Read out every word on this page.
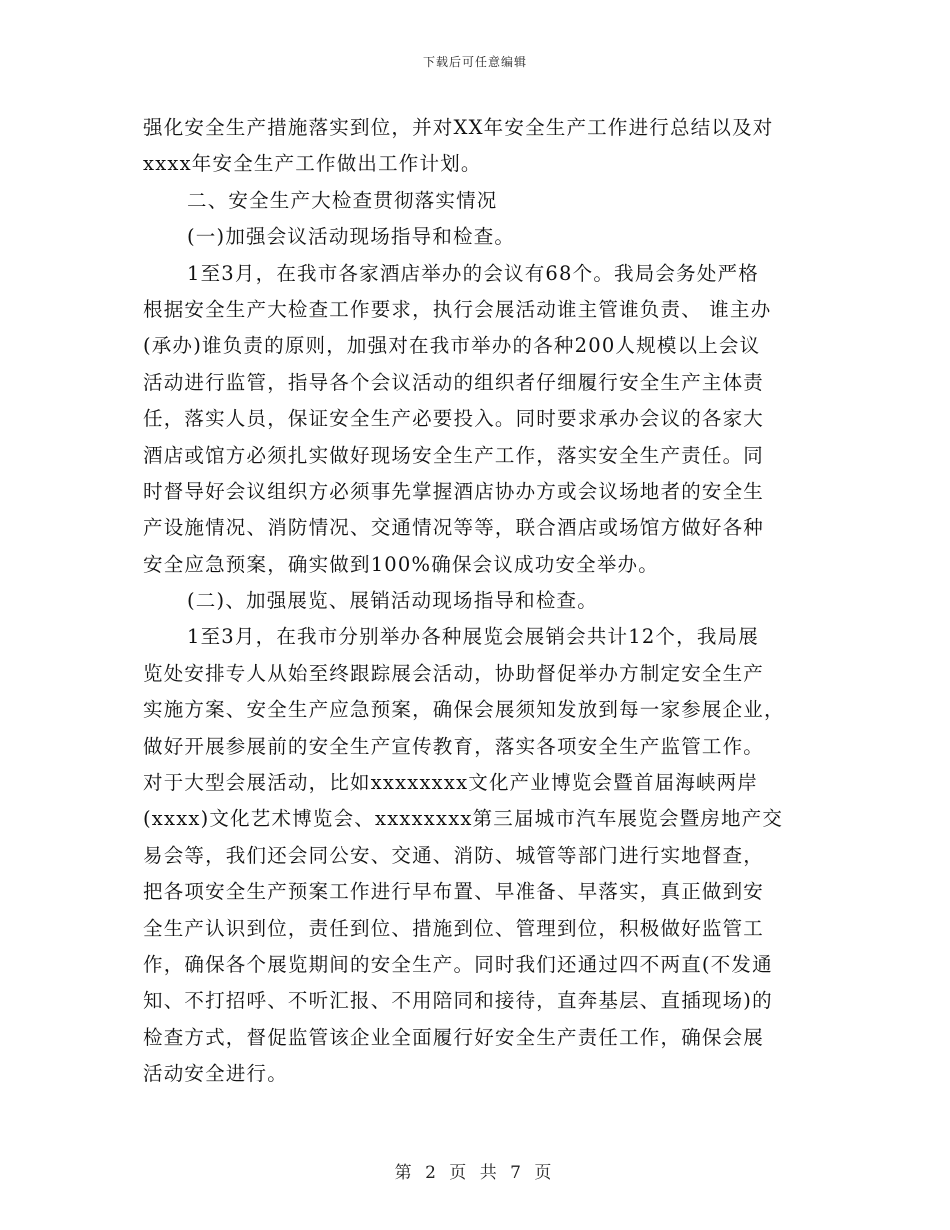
下载后可任意编辑
强化安全生产措施落实到位，并对XX年安全生产工作进行总结以及对
xxxx年安全生产工作做出工作计划。
二、安全生产大检查贯彻落实情况
(一)加强会议活动现场指导和检查。
1至3月，在我市各家酒店举办的会议有68个。我局会务处严格
根据安全生产大检查工作要求，执行会展活动谁主管谁负责、 谁主办
(承办)谁负责的原则，加强对在我市举办的各种200人规模以上会议
活动进行监管，指导各个会议活动的组织者仔细履行安全生产主体责
任，落实人员，保证安全生产必要投入。同时要求承办会议的各家大
酒店或馆方必须扎实做好现场安全生产工作，落实安全生产责任。同
时督导好会议组织方必须事先掌握酒店协办方或会议场地者的安全生
产设施情况、消防情况、交通情况等等，联合酒店或场馆方做好各种
安全应急预案，确实做到100%确保会议成功安全举办。
(二)、加强展览、展销活动现场指导和检查。
1至3月，在我市分别举办各种展览会展销会共计12个，我局展
览处安排专人从始至终跟踪展会活动，协助督促举办方制定安全生产
实施方案、安全生产应急预案，确保会展须知发放到每一家参展企业，
做好开展参展前的安全生产宣传教育，落实各项安全生产监管工作。
对于大型会展活动，比如xxxxxxxx文化产业博览会暨首届海峡两岸
(xxxx)文化艺术博览会、xxxxxxxx第三届城市汽车展览会暨房地产交
易会等，我们还会同公安、交通、消防、城管等部门进行实地督查，
把各项安全生产预案工作进行早布置、早准备、早落实，真正做到安
全生产认识到位，责任到位、措施到位、管理到位，积极做好监管工
作，确保各个展览期间的安全生产。同时我们还通过四不两直(不发通
知、不打招呼、不听汇报、不用陪同和接待，直奔基层、直插现场)的
检查方式，督促监管该企业全面履行好安全生产责任工作，确保会展
活动安全进行。
第 2 页 共 7 页
